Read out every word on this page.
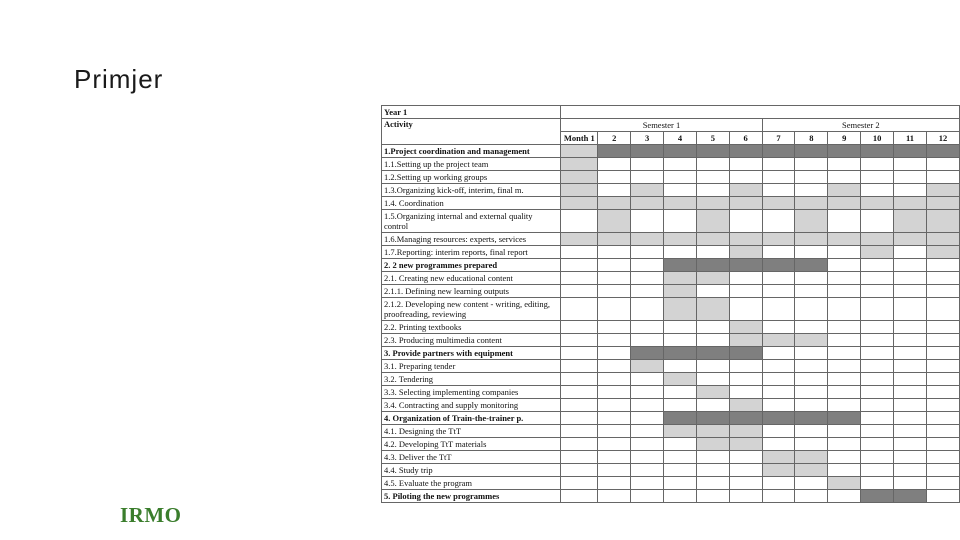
Primjer
Year 1												
Activity	Semester 1						Semester 2					
	Month 1	2	3	4	5	6	7	8	9	10	11	12
1.Project coordination and management												
1.1.Setting up the project team												
1.2.Setting up working groups												
1.3.Organizing kick-off, interim, final m.												
1.4. Coordination												
1.5.Organizing internal and external quality control												
1.6.Managing resources: experts, services												
1.7.Reporting: interim reports, final report												
2. 2 new programmes prepared												
2.1. Creating new educational content												
2.1.1. Defining new learning outputs												
2.1.2. Developing new content - writing, editing, proofreading, reviewing												
2.2. Printing textbooks												
2.3. Producing multimedia content												
3. Provide partners with equipment												
3.1. Preparing tender												
3.2. Tendering												
3.3. Selecting implementing companies												
3.4. Contracting and supply monitoring												
4. Organization of Train-the-trainer p.												
4.1. Designing the TtT												
4.2. Developing TtT materials												
4.3. Deliver the TtT												
4.4. Study trip												
4.5. Evaluate the program												
5. Piloting the new programmes												
IRMO
